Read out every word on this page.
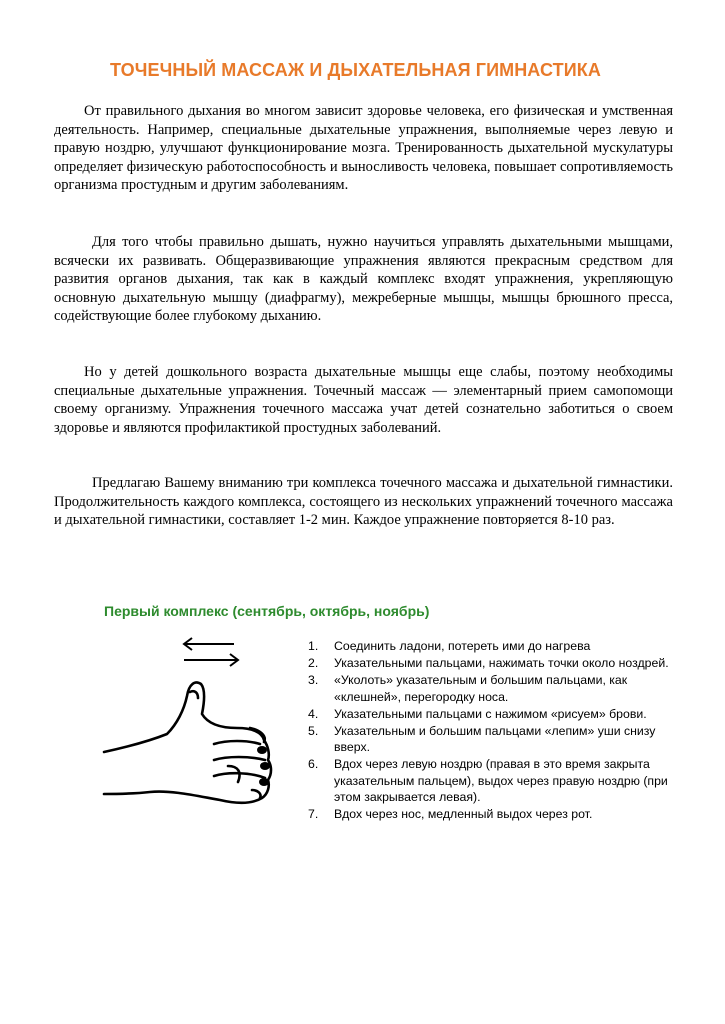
ТОЧЕЧНЫЙ МАССАЖ И ДЫХАТЕЛЬНАЯ ГИМНАСТИКА

От правильного дыхания во многом зависит здоровье человека, его физическая и умственная деятельность. Например, специальные дыхательные упражнения, выполняемые через левую и правую ноздрю, улучшают функционирование мозга. Тренированность дыхательной мускулатуры определяет физическую работоспособность и выносливость человека, повышает сопротивляемость организма простудным и другим заболеваниям.

Для того чтобы правильно дышать, нужно научиться управлять дыхательными мышцами, всячески их развивать. Общеразвивающие упражнения являются прекрасным средством для развития органов дыхания, так как в каждый комплекс входят упражнения, укрепляющую основную дыхательную мышцу (диафрагму), межреберные мышцы, мышцы брюшного пресса, содействующие более глубокому дыханию.

Но у детей дошкольного возраста дыхательные мышцы еще слабы, поэтому необходимы специальные дыхательные упражнения. Точечный массаж — элементарный прием самопомощи своему организму. Упражнения точечного массажа учат детей сознательно заботиться о своем здоровье и являются профилактикой простудных заболеваний.

Предлагаю Вашему вниманию три комплекса точечного массажа и дыхательной гимнастики. Продолжительность каждого комплекса, состоящего из нескольких упражнений точечного массажа и дыхательной гимнастики, составляет 1-2 мин. Каждое упражнение повторяется 8-10 раз.

Первый комплекс (сентябрь, октябрь, ноябрь)
1. Соединить ладони, потереть ими до нагрева
2. Указательными пальцами, нажимать точки около ноздрей.
3. «Уколоть» указательным и большим пальцами, как «клешней», перегородку носа.
4. Указательными пальцами с нажимом «рисуем» брови.
5. Указательным и большим пальцами «лепим» уши снизу вверх.
6. Вдох через левую ноздрю (правая в это время закрыта указательным пальцем), выдох через правую ноздрю (при этом закрывается левая).
7. Вдох через нос, медленный выдох через рот.
